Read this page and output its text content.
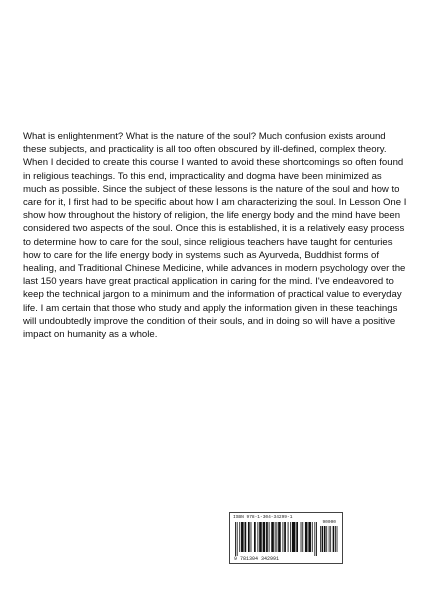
What is enlightenment? What is the nature of the soul? Much confusion exists around these subjects, and practicality is all too often obscured by ill-defined, complex theory. When I decided to create this course I wanted to avoid these shortcomings so often found in religious teachings. To this end, impracticality and dogma have been minimized as much as possible. Since the subject of these lessons is the nature of the soul and how to care for it, I first had to be specific about how I am characterizing the soul. In Lesson One I show how throughout the history of religion, the life energy body and the mind have been considered two aspects of the soul. Once this is established, it is a relatively easy process to determine how to care for the soul, since religious teachers have taught for centuries how to care for the life energy body in systems such as Ayurveda, Buddhist forms of healing, and Traditional Chinese Medicine, while advances in modern psychology over the last 150 years have great practical application in caring for the mind. I've endeavored to keep the technical jargon to a minimum and the information of practical value to everyday life. I am certain that those who study and apply the information given in these teachings will undoubtedly improve the condition of their souls, and in doing so will have a positive impact on humanity as a whole.

ISBN 978-1-304-34299-1
90000
9 781304 342991
